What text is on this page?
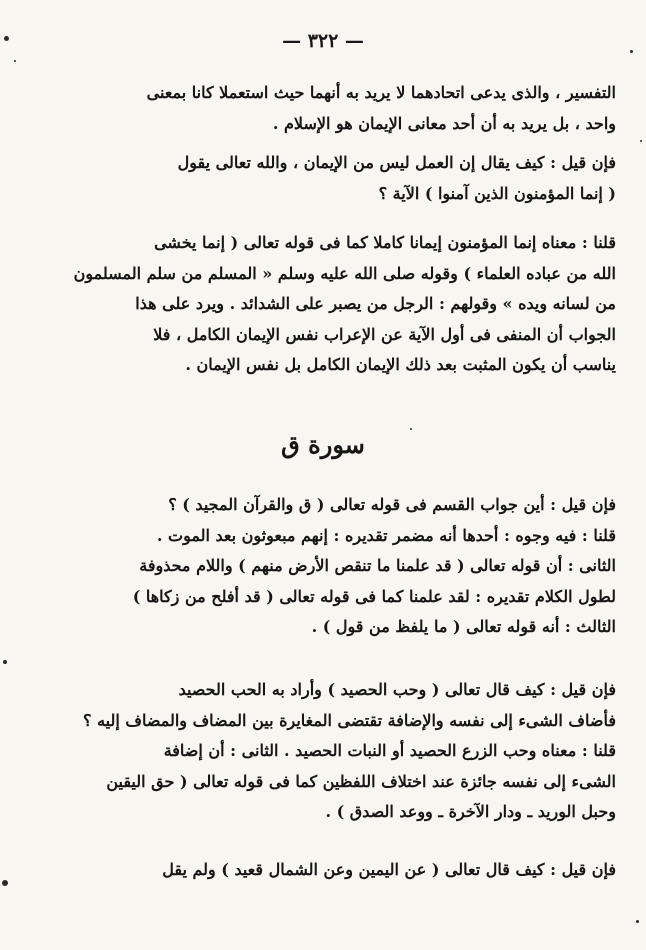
— ٣٢٢ —
التفسير ، والذى يدعى اتحادهما لا يريد به أنهما حيث استعملا كانا بمعنى
واحد ، بل يريد به أن أحد معانى الإيمان هو الإسلام .
فإن قيل : كيف يقال إن العمل ليس من الإيمان ، والله تعالى يقول
( إنما المؤمنون الذين آمنوا ) الآية ؟
قلنا : معناه إنما المؤمنون إيمانا كاملا كما فى قوله تعالى ( إنما يخشى
الله من عباده العلماء ) وقوله صلى الله عليه وسلم « المسلم من سلم المسلمون
من لسانه ويده » وقولهم : الرجل من يصبر على الشدائد . ويرد على هذا
الجواب أن المنفى فى أول الآية عن الإعراب نفس الإيمان الكامل ، فلا
يناسب أن يكون المثبت بعد ذلك الإيمان الكامل بل نفس الإيمان .
سورة ق
فإن قيل : أين جواب القسم فى قوله تعالى ( ق والقرآن المجيد ) ؟
قلنا : فيه وجوه : أحدها أنه مضمر تقديره : إنهم مبعوثون بعد الموت .
الثانى : أن قوله تعالى ( قد علمنا ما تنقص الأرض منهم ) واللام محذوفة
لطول الكلام تقديره : لقد علمنا كما فى قوله تعالى ( قد أفلح من زكاها )
الثالث : أنه قوله تعالى ( ما يلفظ من قول ) .
فإن قيل : كيف قال تعالى ( وحب الحصيد ) وأراد به الحب الحصيد
فأضاف الشىء إلى نفسه والإضافة تقتضى المغايرة بين المضاف والمضاف إليه ؟
قلنا : معناه وحب الزرع الحصيد أو النبات الحصيد . الثانى : أن إضافة
الشىء إلى نفسه جائزة عند اختلاف اللفظين كما فى قوله تعالى ( حق اليقين
وحبل الوريد ـ ودار الآخرة ـ ووعد الصدق ) .
فإن قيل : كيف قال تعالى ( عن اليمين وعن الشمال قعيد ) ولم يقل
